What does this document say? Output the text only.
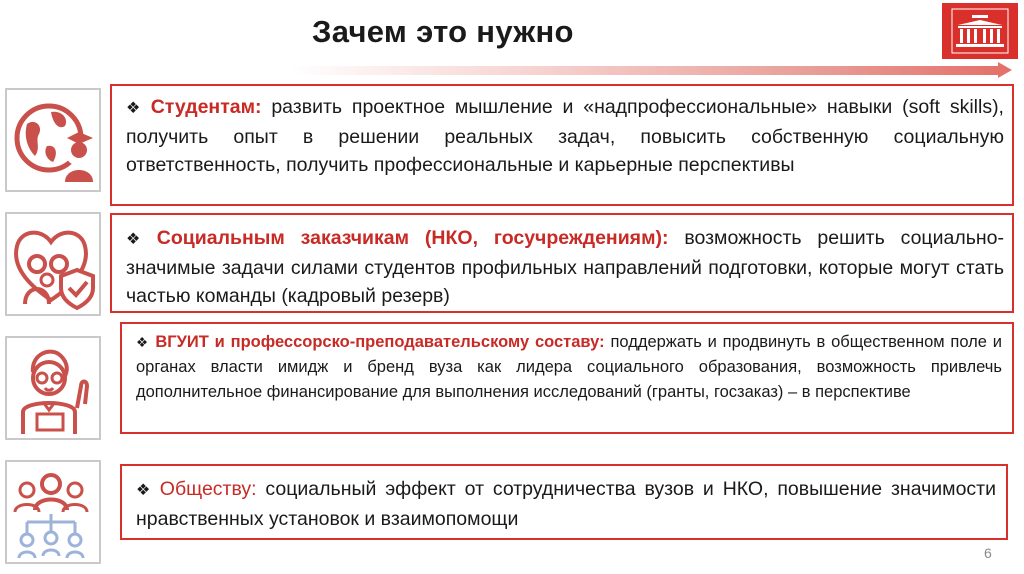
Зачем это нужно

❖ Студентам: развить проектное мышление и «надпрофессиональные» навыки (soft skills), получить опыт в решении реальных задач, повысить собственную социальную ответственность, получить профессиональные и карьерные перспективы

❖ Социальным заказчикам (НКО, госучреждениям): возможность решить социально-значимые задачи силами студентов профильных направлений подготовки, которые могут стать частью команды (кадровый резерв)

❖ ВГУИТ и профессорско-преподавательскому составу: поддержать и продвинуть в общественном поле и органах власти имидж и бренд вуза как лидера социального образования, возможность привлечь дополнительное финансирование для выполнения исследований (гранты, госзаказ) – в перспективе

❖ Обществу: социальный эффект от сотрудничества вузов и НКО, повышение значимости нравственных установок и взаимопомощи

6
